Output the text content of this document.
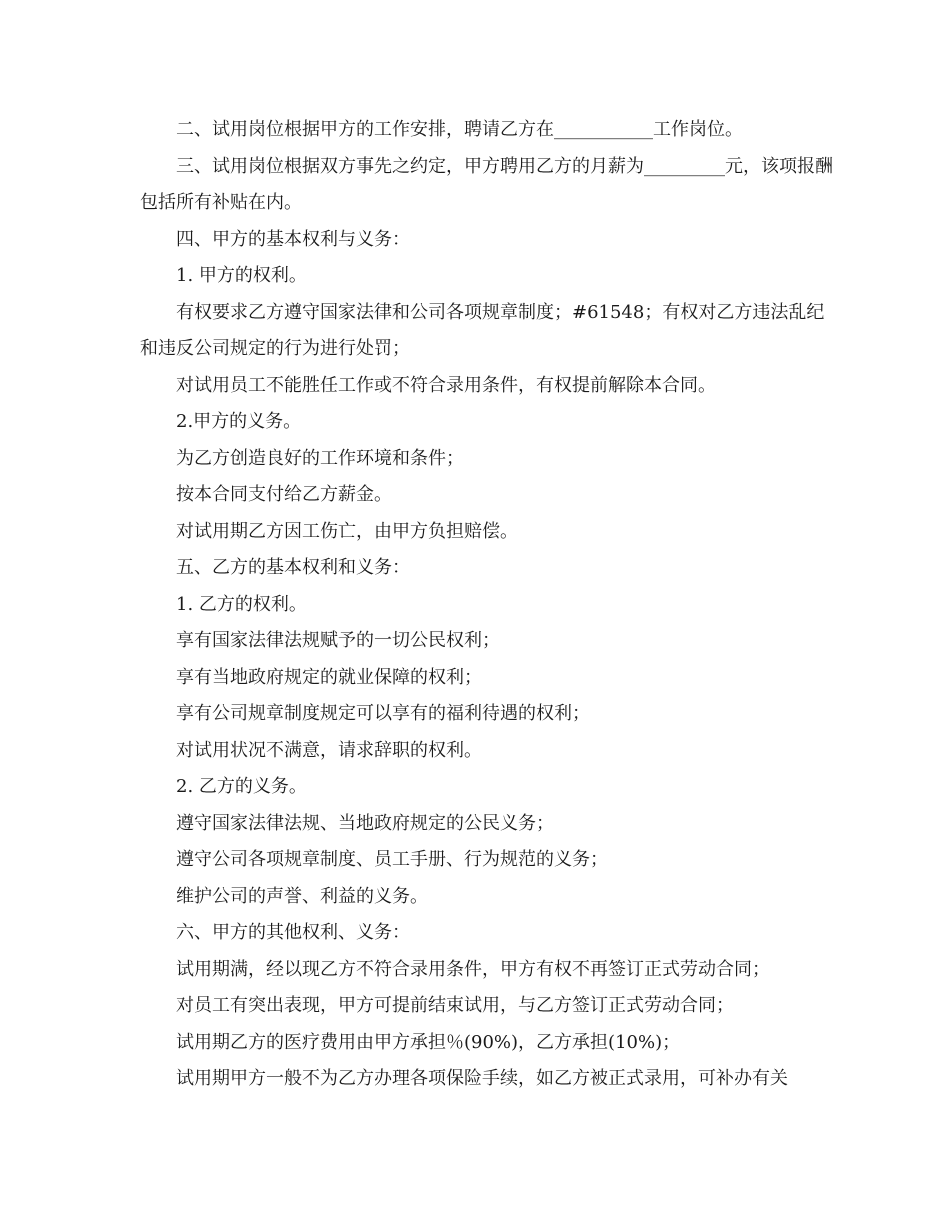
二、试用岗位根据甲方的工作安排，聘请乙方在___________工作岗位。

三、试用岗位根据双方事先之约定，甲方聘用乙方的月薪为_________元，该项报酬包括所有补贴在内。

四、甲方的基本权利与义务：

1. 甲方的权利。

有权要求乙方遵守国家法律和公司各项规章制度；#61548；有权对乙方违法乱纪和违反公司规定的行为进行处罚；

对试用员工不能胜任工作或不符合录用条件，有权提前解除本合同。

2.甲方的义务。

为乙方创造良好的工作环境和条件；

按本合同支付给乙方薪金。

对试用期乙方因工伤亡，由甲方负担赔偿。

五、乙方的基本权利和义务：

1. 乙方的权利。

享有国家法律法规赋予的一切公民权利；

享有当地政府规定的就业保障的权利；

享有公司规章制度规定可以享有的福利待遇的权利；

对试用状况不满意，请求辞职的权利。

2. 乙方的义务。

遵守国家法律法规、当地政府规定的公民义务；

遵守公司各项规章制度、员工手册、行为规范的义务；

维护公司的声誉、利益的义务。

六、甲方的其他权利、义务：

试用期满，经以现乙方不符合录用条件，甲方有权不再签订正式劳动合同；

对员工有突出表现，甲方可提前结束试用，与乙方签订正式劳动合同；

试用期乙方的医疗费用由甲方承担％(90%)，乙方承担(10%)；

试用期甲方一般不为乙方办理各项保险手续，如乙方被正式录用，可补办有关
